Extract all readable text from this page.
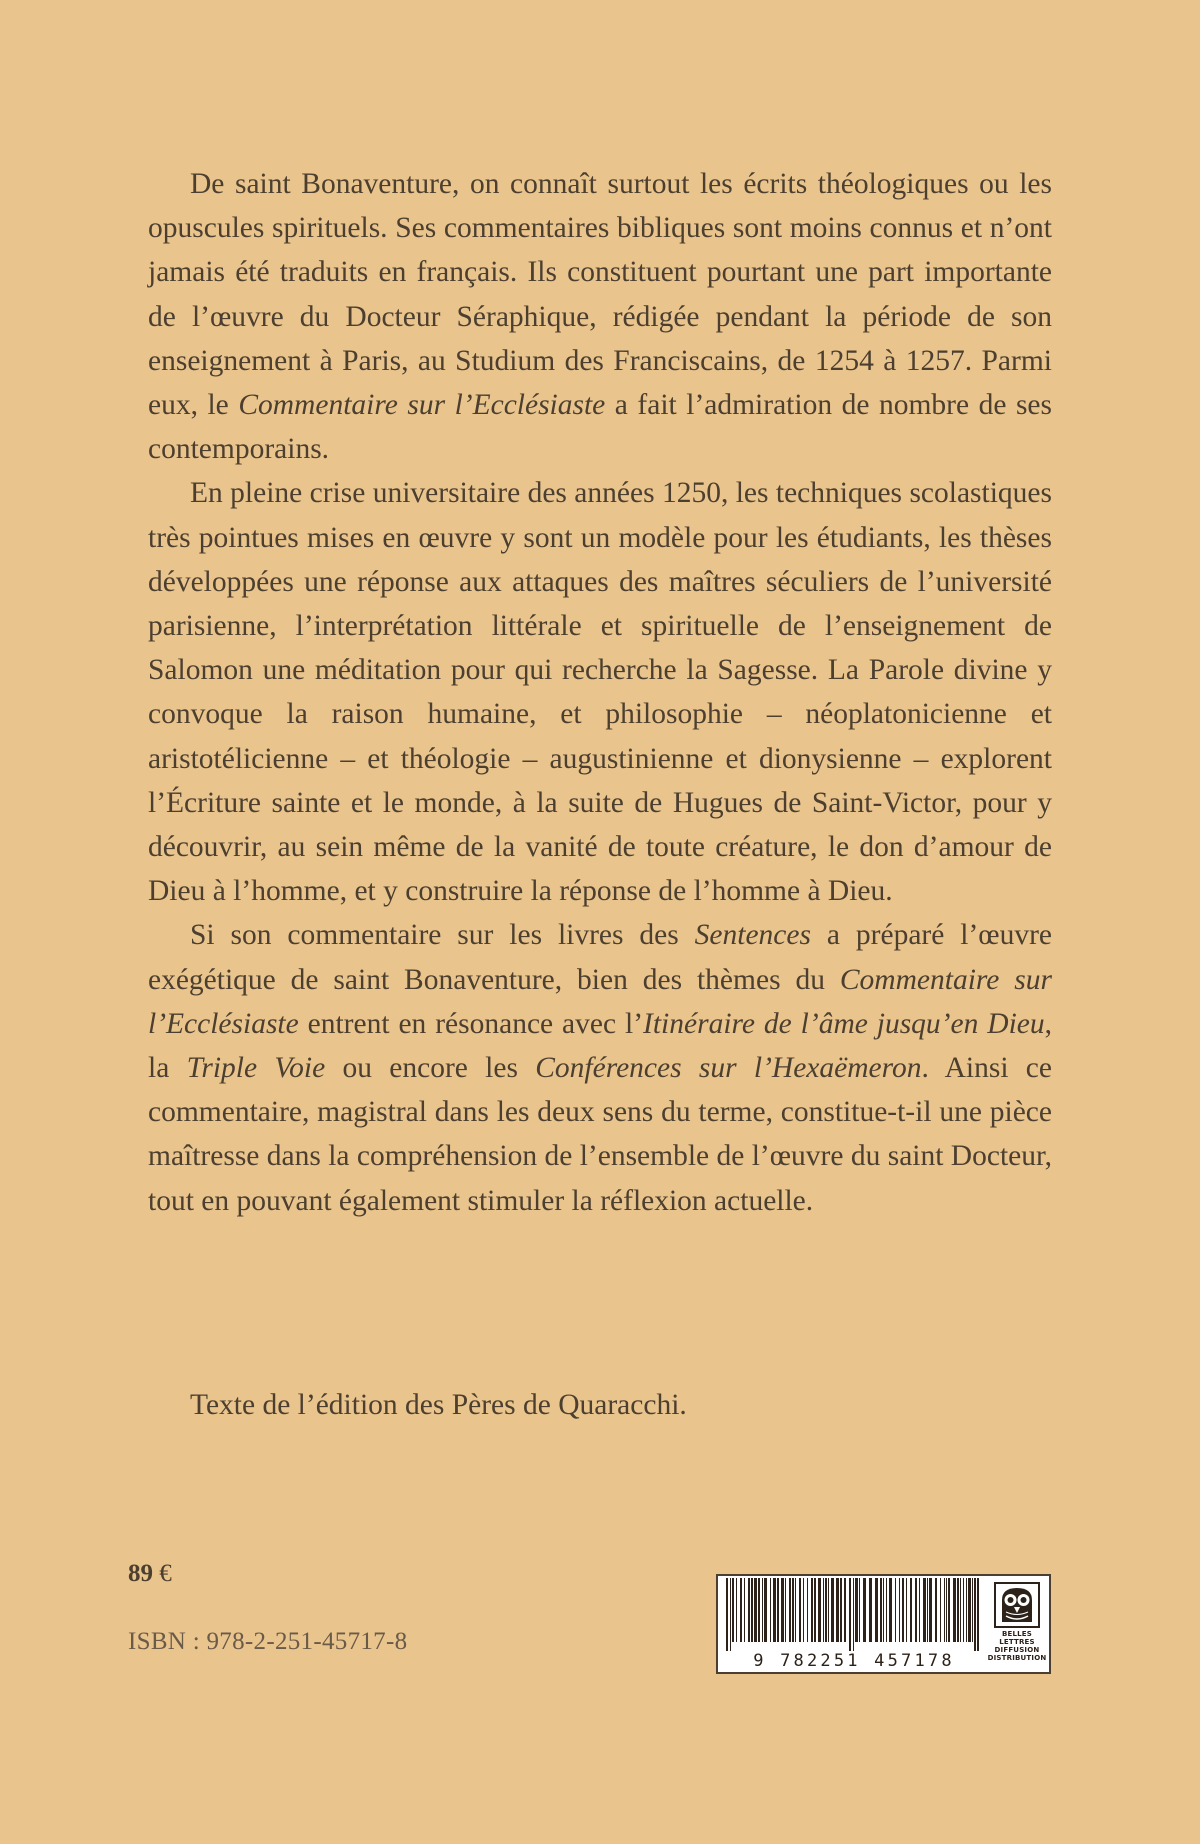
De saint Bonaventure, on connaît surtout les écrits théologiques ou les opuscules spirituels. Ses commentaires bibliques sont moins connus et n’ont jamais été traduits en français. Ils constituent pourtant une part importante de l’œuvre du Docteur Séraphique, rédigée pendant la période de son enseignement à Paris, au Studium des Franciscains, de 1254 à 1257. Parmi eux, le Commentaire sur l’Ecclésiaste a fait l’admiration de nombre de ses contemporains.

En pleine crise universitaire des années 1250, les techniques scolastiques très pointues mises en œuvre y sont un modèle pour les étudiants, les thèses développées une réponse aux attaques des maîtres séculiers de l’université parisienne, l’interprétation littérale et spirituelle de l’enseignement de Salomon une méditation pour qui recherche la Sagesse. La Parole divine y convoque la raison humaine, et philosophie – néoplatonicienne et aristotélicienne – et théologie – augustinienne et dionysienne – explorent l’Écriture sainte et le monde, à la suite de Hugues de Saint-Victor, pour y découvrir, au sein même de la vanité de toute créature, le don d’amour de Dieu à l’homme, et y construire la réponse de l’homme à Dieu.

Si son commentaire sur les livres des Sentences a préparé l’œuvre exégétique de saint Bonaventure, bien des thèmes du Commentaire sur l’Ecclésiaste entrent en résonance avec l’Itinéraire de l’âme jusqu’en Dieu, la Triple Voie ou encore les Conférences sur l’Hexaëmeron. Ainsi ce commentaire, magistral dans les deux sens du terme, constitue-t-il une pièce maîtresse dans la compréhension de l’ensemble de l’œuvre du saint Docteur, tout en pouvant également stimuler la réflexion actuelle.

Texte de l’édition des Pères de Quaracchi.

89 €

ISBN : 978-2-251-45717-8

9 782251 457178
BELLES LETTRES
DIFFUSION
DISTRIBUTION
